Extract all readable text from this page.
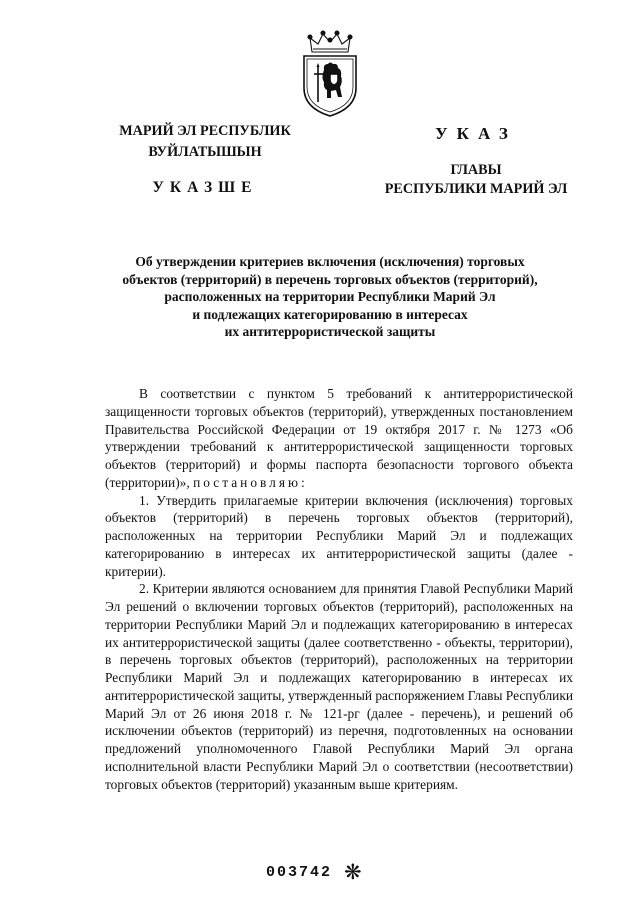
МАРИЙ ЭЛ РЕСПУБЛИК
ВУЙЛАТЫШЫН
УКАЗШЕ
УКАЗ
ГЛАВЫ
РЕСПУБЛИКИ МАРИЙ ЭЛ
Об утверждении критериев включения (исключения) торговых
объектов (территорий) в перечень торговых объектов (территорий),
расположенных на территории Республики Марий Эл
и подлежащих категорированию в интересах
их антитеррористической защиты

В соответствии с пунктом 5 требований к антитеррористической защищенности торговых объектов (территорий), утвержденных постановлением Правительства Российской Федерации от 19 октября 2017 г. № 1273 «Об утверждении требований к антитеррористической защищенности торговых объектов (территорий) и формы паспорта безопасности торгового объекта (территории)», постановляю:

1. Утвердить прилагаемые критерии включения (исключения) торговых объектов (территорий) в перечень торговых объектов (территорий), расположенных на территории Республики Марий Эл и подлежащих категорированию в интересах их антитеррористической защиты (далее - критерии).

2. Критерии являются основанием для принятия Главой Республики Марий Эл решений о включении торговых объектов (территорий), расположенных на территории Республики Марий Эл и подлежащих категорированию в интересах их антитеррористической защиты (далее соответственно - объекты, территории), в перечень торговых объектов (территорий), расположенных на территории Республики Марий Эл и подлежащих категорированию в интересах их антитеррористической защиты, утвержденный распоряжением Главы Республики Марий Эл от 26 июня 2018 г. № 121-рг (далее - перечень), и решений об исключении объектов (территорий) из перечня, подготовленных на основании предложений уполномоченного Главой Республики Марий Эл органа исполнительной власти Республики Марий Эл о соответствии (несоответствии) торговых объектов (территорий) указанным выше критериям.

003742 ❋
